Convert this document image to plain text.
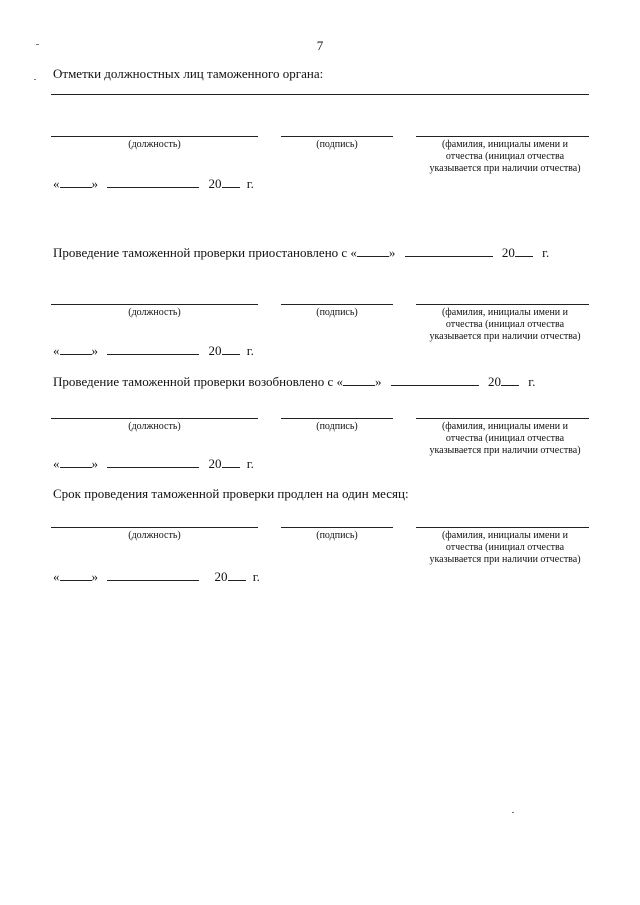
7
Отметки должностных лиц таможенного органа:
(должность)	(подпись)	(фамилия, инициалы имени и
отчества (инициал отчества
указывается при наличии отчества)
« »	20 г.
Проведение таможенной проверки приостановлено с « »	20 г.
(должность)	(подпись)	(фамилия, инициалы имени и
отчества (инициал отчества
указывается при наличии отчества)
« »	20 г.
Проведение таможенной проверки возобновлено с « »	20 г.
(должность)	(подпись)	(фамилия, инициалы имени и
отчества (инициал отчества
указывается при наличии отчества)
« »	20 г.
Срок проведения таможенной проверки продлен на один месяц:
(должность)	(подпись)	(фамилия, инициалы имени и
отчества (инициал отчества
указывается при наличии отчества)
« »	20 г.
